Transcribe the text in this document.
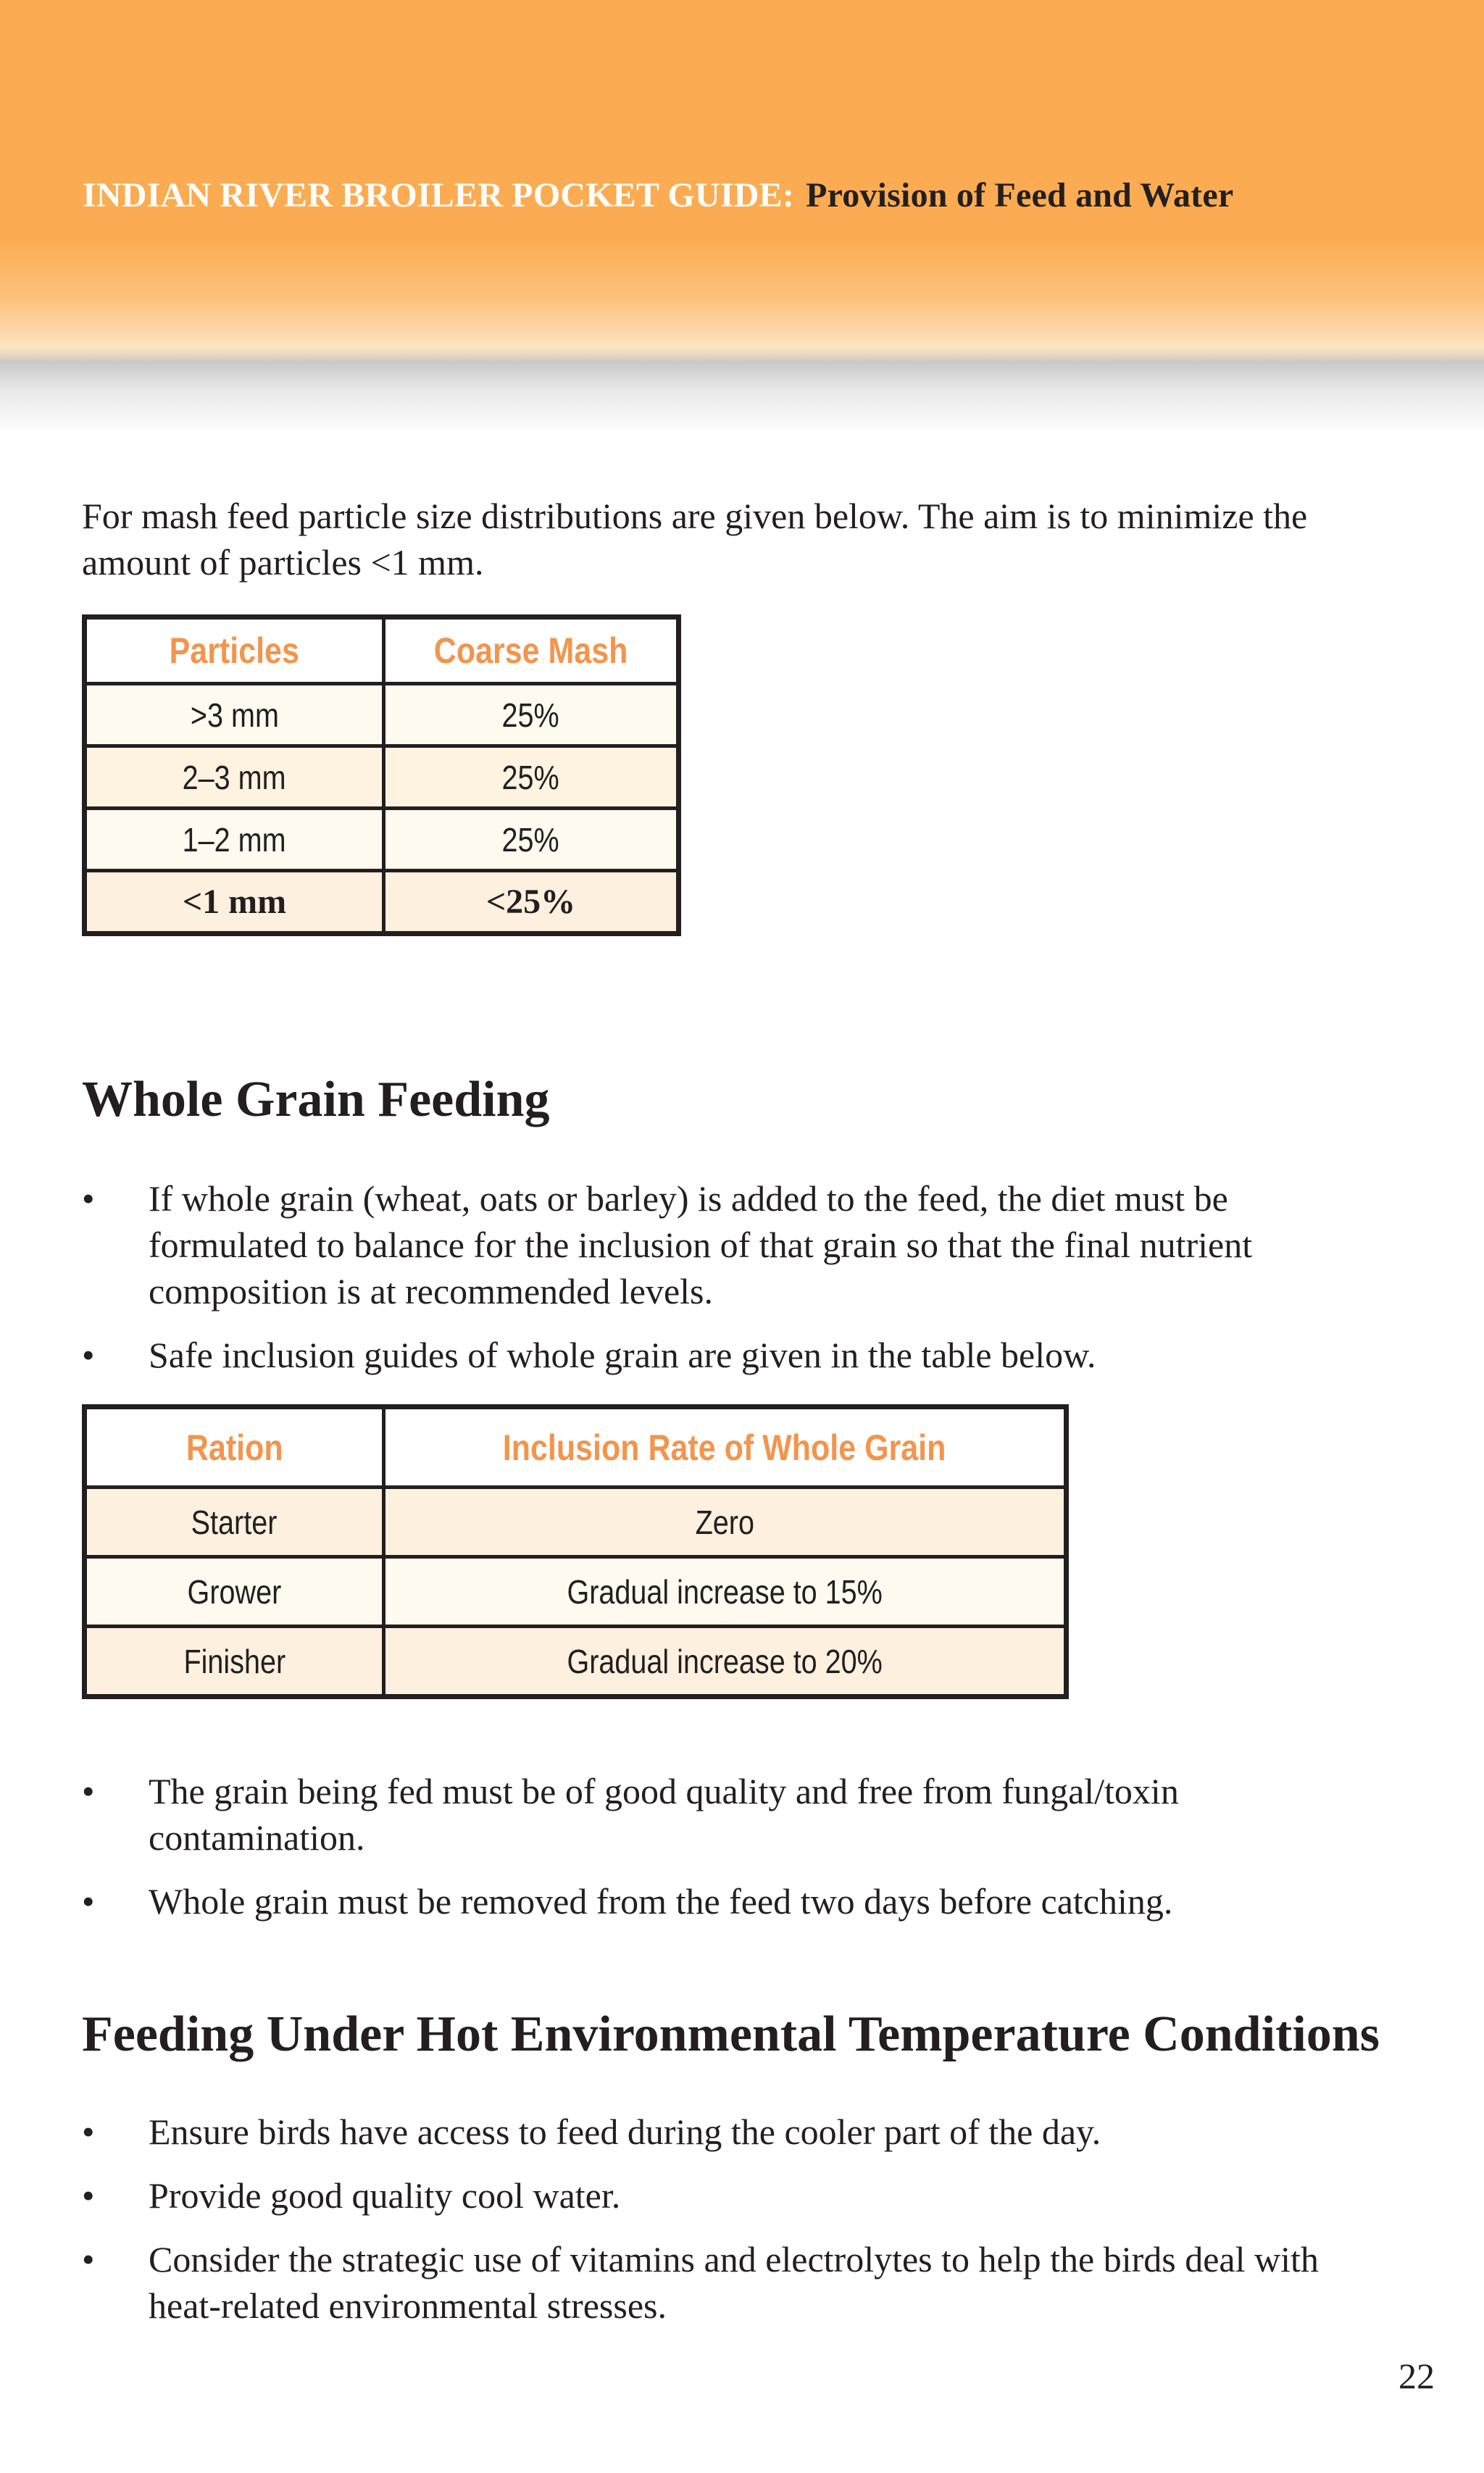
INDIAN RIVER BROILER POCKET GUIDE: Provision of Feed and Water

For mash feed particle size distributions are given below. The aim is to minimize the amount of particles <1 mm.

Particles	Coarse Mash
>3 mm	25%
2–3 mm	25%
1–2 mm	25%
<1 mm	<25%
Whole Grain Feeding
•	If whole grain (wheat, oats or barley) is added to the feed, the diet must be formulated to balance for the inclusion of that grain so that the final nutrient composition is at recommended levels.
•	Safe inclusion guides of whole grain are given in the table below.
Ration	Inclusion Rate of Whole Grain
Starter	Zero
Grower	Gradual increase to 15%
Finisher	Gradual increase to 20%
•	The grain being fed must be of good quality and free from fungal/toxin contamination.
•	Whole grain must be removed from the feed two days before catching.
Feeding Under Hot Environmental Temperature Conditions
•	Ensure birds have access to feed during the cooler part of the day.
•	Provide good quality cool water.
•	Consider the strategic use of vitamins and electrolytes to help the birds deal with heat-related environmental stresses.
22
